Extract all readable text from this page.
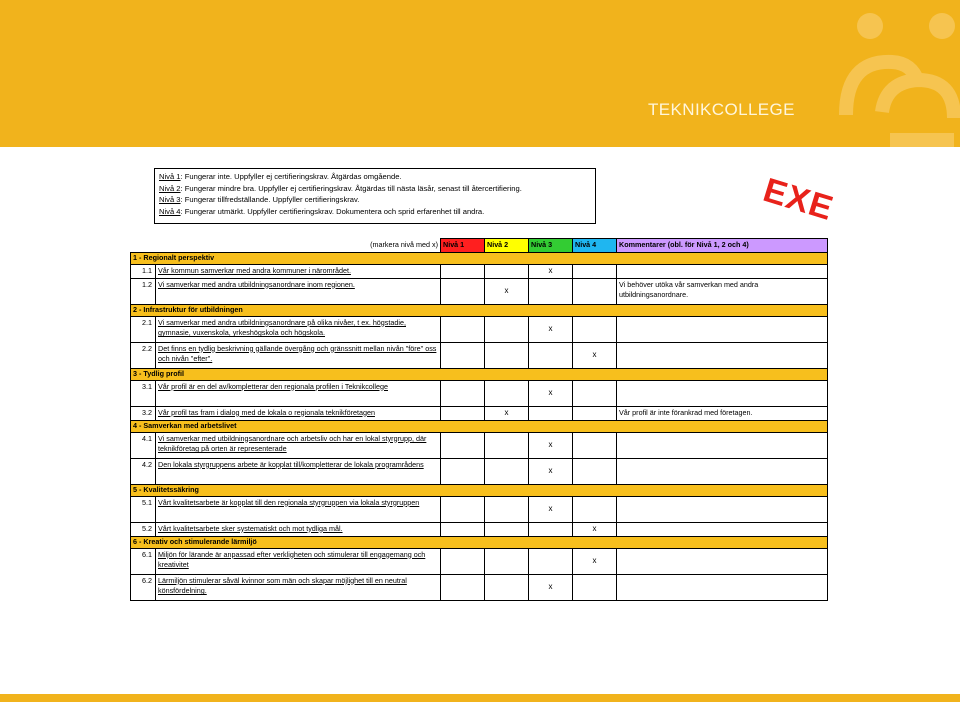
TEKNIKCOLLEGE
Nivå 1: Fungerar inte. Uppfyller ej certifieringskrav. Åtgärdas omgående.
Nivå 2: Fungerar mindre bra. Uppfyller ej certifieringskrav. Åtgärdas till nästa läsår, senast till återcertifiering.
Nivå 3: Fungerar tillfredställande. Uppfyller certifieringskrav.
Nivå 4: Fungerar utmärkt. Uppfyller certifieringskrav. Dokumentera och sprid erfarenhet till andra.	EXE
	(markera nivå med x)	Nivå 1	Nivå 2	Nivå 3	Nivå 4	Kommentarer (obl. för Nivå 1, 2 och 4)
1 - Regionalt perspektiv						
1.1	Vår kommun samverkar med andra kommuner i närområdet.			x		
1.2	Vi samverkar med andra utbildningsanordnare inom regionen.		x			Vi behöver utöka vår samverkan med andra utbildningsanordnare.
2 - Infrastruktur för utbildningen						
2.1	Vi samverkar med andra utbildningsanordnare på olika nivåer, t ex. högstadie, gymnasie, vuxenskola, yrkeshögskola och högskola.			x		
2.2	Det finns en tydlig beskrivning gällande övergång och gränssnitt mellan nivån "före" oss och nivån "efter".				x	
3 - Tydlig profil						
3.1	Vår profil är en del av/kompletterar den regionala profilen i Teknikcollege			x		
3.2	Vår profil tas fram i dialog med de lokala o regionala teknikföretagen		x			Vår profil är inte förankrad med företagen.
4 - Samverkan med arbetslivet						
4.1	Vi samverkar med utbildningsanordnare och arbetsliv och har en lokal styrgrupp, där teknikföretag på orten är representerade			x		
4.2	Den lokala styrgruppens arbete är kopplat till/kompletterar de lokala programrådens			x		
5 - Kvalitetssäkring						
5.1	Vårt kvalitetsarbete är kopplat till den regionala styrgruppen via lokala styrgruppen			x		
5.2	Vårt kvalitetsarbete sker systematiskt och mot tydliga mål.				x	
6 - Kreativ och stimulerande lärmiljö						
6.1	Miljön för lärande är anpassad efter verkligheten och stimulerar till engagemang och kreativitet				x	
6.2	Lärmiljön stimulerar såväl kvinnor som män och skapar möjlighet till en neutral könsfördelning.			x		
